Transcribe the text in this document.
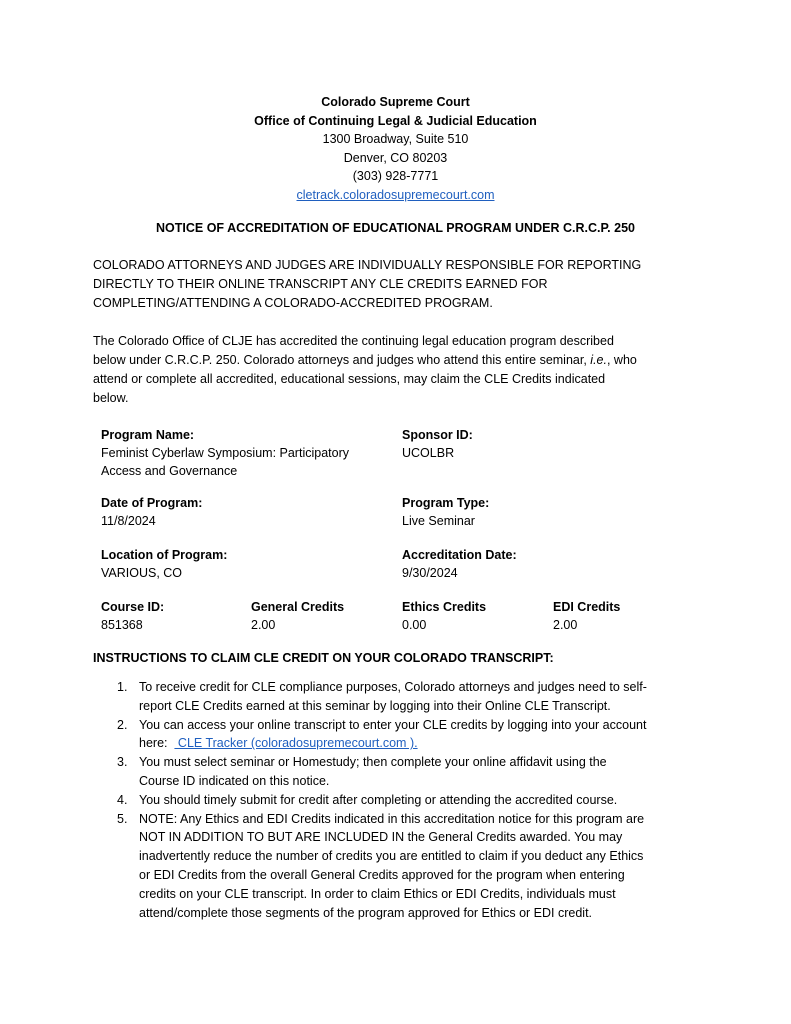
Colorado Supreme Court
Office of Continuing Legal & Judicial Education
1300 Broadway, Suite 510
Denver, CO 80203
(303) 928-7771
cletrack.coloradosupremecourt.com
NOTICE OF ACCREDITATION OF EDUCATIONAL PROGRAM UNDER C.R.C.P. 250
COLORADO ATTORNEYS AND JUDGES ARE INDIVIDUALLY RESPONSIBLE FOR REPORTING
DIRECTLY TO THEIR ONLINE TRANSCRIPT ANY CLE CREDITS EARNED FOR
COMPLETING/ATTENDING A COLORADO-ACCREDITED PROGRAM.
The Colorado Office of CLJE has accredited the continuing legal education program described
below under C.R.C.P. 250. Colorado attorneys and judges who attend this entire seminar, i.e., who
attend or complete all accredited, educational sessions, may claim the CLE Credits indicated
below.
Program Name:
Feminist Cyberlaw Symposium: Participatory
Access and Governance
Sponsor ID:
UCOLBR
Date of Program:
11/8/2024
Program Type:
Live Seminar
Location of Program:
VARIOUS, CO
Accreditation Date:
9/30/2024
Course ID:
851368
General Credits
2.00
Ethics Credits
0.00
EDI Credits
2.00
INSTRUCTIONS TO CLAIM CLE CREDIT ON YOUR COLORADO TRANSCRIPT:
1. To receive credit for CLE compliance purposes, Colorado attorneys and judges need to self-
report CLE Credits earned at this seminar by logging into their Online CLE Transcript.
2. You can access your online transcript to enter your CLE credits by logging into your account
here:   CLE Tracker (coloradosupremecourt.com ).
3. You must select seminar or Homestudy; then complete your online affidavit using the
Course ID indicated on this notice.
4. You should timely submit for credit after completing or attending the accredited course.
5. NOTE: Any Ethics and EDI Credits indicated in this accreditation notice for this program are
NOT IN ADDITION TO BUT ARE INCLUDED IN the General Credits awarded. You may
inadvertently reduce the number of credits you are entitled to claim if you deduct any Ethics
or EDI Credits from the overall General Credits approved for the program when entering
credits on your CLE transcript. In order to claim Ethics or EDI Credits, individuals must
attend/complete those segments of the program approved for Ethics or EDI credit.
